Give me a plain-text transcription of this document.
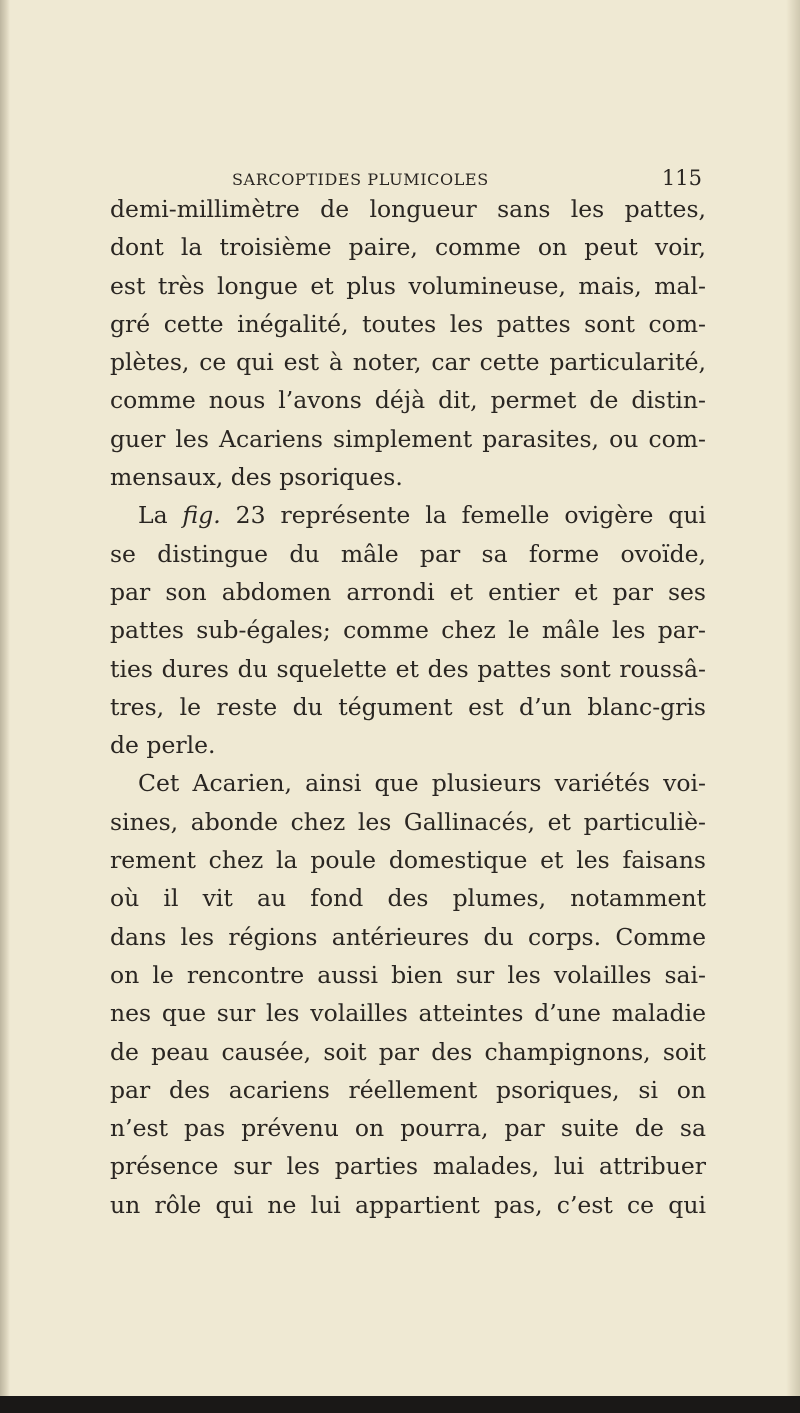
SARCOPTIDES PLUMICOLES	115
demi-millimètre de longueur sans les pattes,
dont la troisième paire, comme on peut voir,
est très longue et plus volumineuse, mais, mal-
gré cette inégalité, toutes les pattes sont com-
plètes, ce qui est à noter, car cette particularité,
comme nous l’avons déjà dit, permet de distin-
guer les Acariens simplement parasites, ou com-
mensaux, des psoriques.
La fig. 23 représente la femelle ovigère qui
se distingue du mâle par sa forme ovoïde,
par son abdomen arrondi et entier et par ses
pattes sub-égales; comme chez le mâle les par-
ties dures du squelette et des pattes sont roussâ-
tres, le reste du tégument est d’un blanc-gris
de perle.
Cet Acarien, ainsi que plusieurs variétés voi-
sines, abonde chez les Gallinacés, et particuliè-
rement chez la poule domestique et les faisans
où il vit au fond des plumes, notamment
dans les régions antérieures du corps. Comme
on le rencontre aussi bien sur les volailles sai-
nes que sur les volailles atteintes d’une maladie
de peau causée, soit par des champignons, soit
par des acariens réellement psoriques, si on
n’est pas prévenu on pourra, par suite de sa
présence sur les parties malades, lui attribuer
un rôle qui ne lui appartient pas, c’est ce qui
